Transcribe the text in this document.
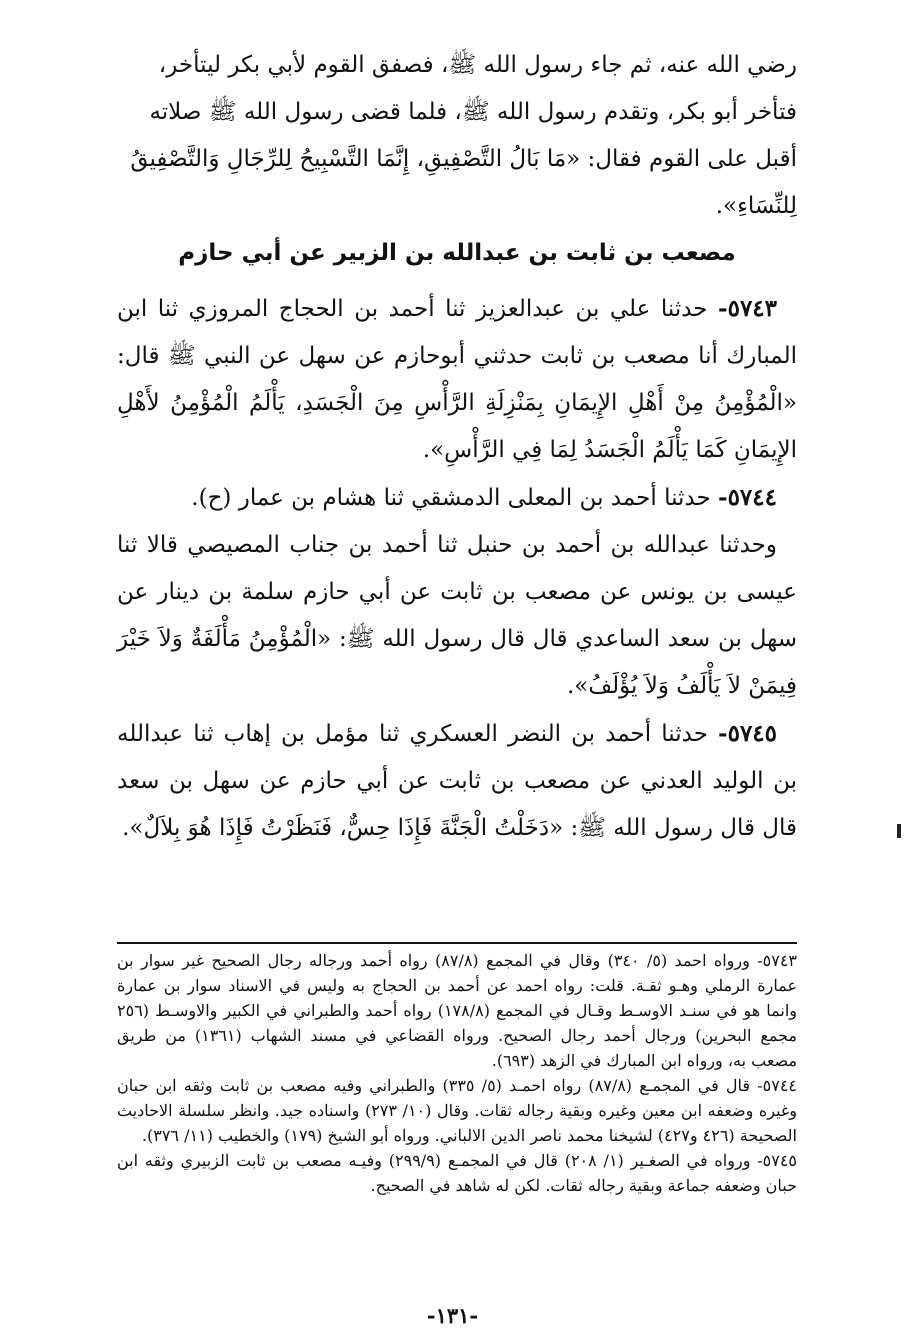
رضي الله عنه، ثم جاء رسول الله ﷺ، فصفق القوم لأبي بكر ليتأخر،

فتأخر أبو بكر، وتقدم رسول الله ﷺ، فلما قضى رسول الله ﷺ صلاته

أقبل على القوم فقال: «مَا بَالُ التَّصْفِيقِ، إِنَّمَا التَّسْبِيحُ لِلرِّجَالِ وَالتَّصْفِيقُ

لِلنِّسَاءِ».

مصعب بن ثابت بن عبدالله بن الزبير عن أبي حازم

٥٧٤٣- حدثنا علي بن عبدالعزيز ثنا أحمد بن الحجاج المروزي ثنا ابن المبارك أنا مصعب بن ثابت حدثني أبوحازم عن سهل عن النبي ﷺ قال: «الْمُؤْمِنُ مِنْ أَهْلِ الإِيمَانِ بِمَنْزِلَةِ الرَّأْسِ مِنَ الْجَسَدِ، يَأْلَمُ الْمُؤْمِنُ لأَهْلِ الإِيمَانِ كَمَا يَأْلَمُ الْجَسَدُ لِمَا فِي الرَّأْسِ».

٥٧٤٤- حدثنا أحمد بن المعلى الدمشقي ثنا هشام بن عمار (ح).

وحدثنا عبدالله بن أحمد بن حنبل ثنا أحمد بن جناب المصيصي قالا ثنا عيسى بن يونس عن مصعب بن ثابت عن أبي حازم سلمة بن دينار عن سهل بن سعد الساعدي قال قال رسول الله ﷺ: «الْمُؤْمِنُ مَأْلَفَةٌ وَلاَ خَيْرَ فِيمَنْ لاَ يَأْلَفُ وَلاَ يُؤْلَفُ».

٥٧٤٥- حدثنا أحمد بن النضر العسكري ثنا مؤمل بن إهاب ثنا عبدالله بن الوليد العدني عن مصعب بن ثابت عن أبي حازم عن سهل بن سعد قال قال رسول الله ﷺ: «دَخَلْتُ الْجَنَّةَ فَإِذَا حِسٌّ، فَنَظَرْتُ فَإِذَا هُوَ بِلاَلٌ».

٥٧٤٣- ورواه احمد (٥/ ٣٤٠) وقال في المجمع (٨٧/٨) رواه أحمد ورجاله رجال الصحيح غير سوار بن عمارة الرملي وهـو ثقـة. قلت: رواه احمد عن أحمد بن الحجاج به وليس في الاسناد سوار بن عمارة وانما هو في سنـد الاوسـط وقـال في المجمع (١٧٨/٨) رواه أحمد والطبراني في الكبير والاوسـط (٢٥٦ مجمع البحرين) ورجال أحمد رجال الصحيح. ورواه القضاعي في مسند الشهاب (١٣٦١) من طريق مصعب به، ورواه ابن المبارك في الزهد (٦٩٣).

٥٧٤٤- قال في المجمـع (٨٧/٨) رواه احمـد (٥/ ٣٣٥) والطبراني وفيه مصعب بن ثابت وثقه ابن حبان وغيره وضعفه ابن معين وغيره وبقية رجاله ثقات. وقال (١٠/ ٢٧٣) واسناده جيد. وانظر سلسلة الاحاديث الصحيحة (٤٢٦ و٤٢٧) لشيخنا محمد ناصر الدين الالباني. ورواه أبو الشيخ (١٧٩) والخطيب (١١/ ٣٧٦).

٥٧٤٥- ورواه في الصغـير (١/ ٢٠٨) قال في المجمـع (٢٩٩/٩) وفيـه مصعب بن ثابت الزبيري وثقه ابن حبان وضعفه جماعة وبقية رجاله ثقات. لكن له شاهد في الصحيح.

-١٣١-
